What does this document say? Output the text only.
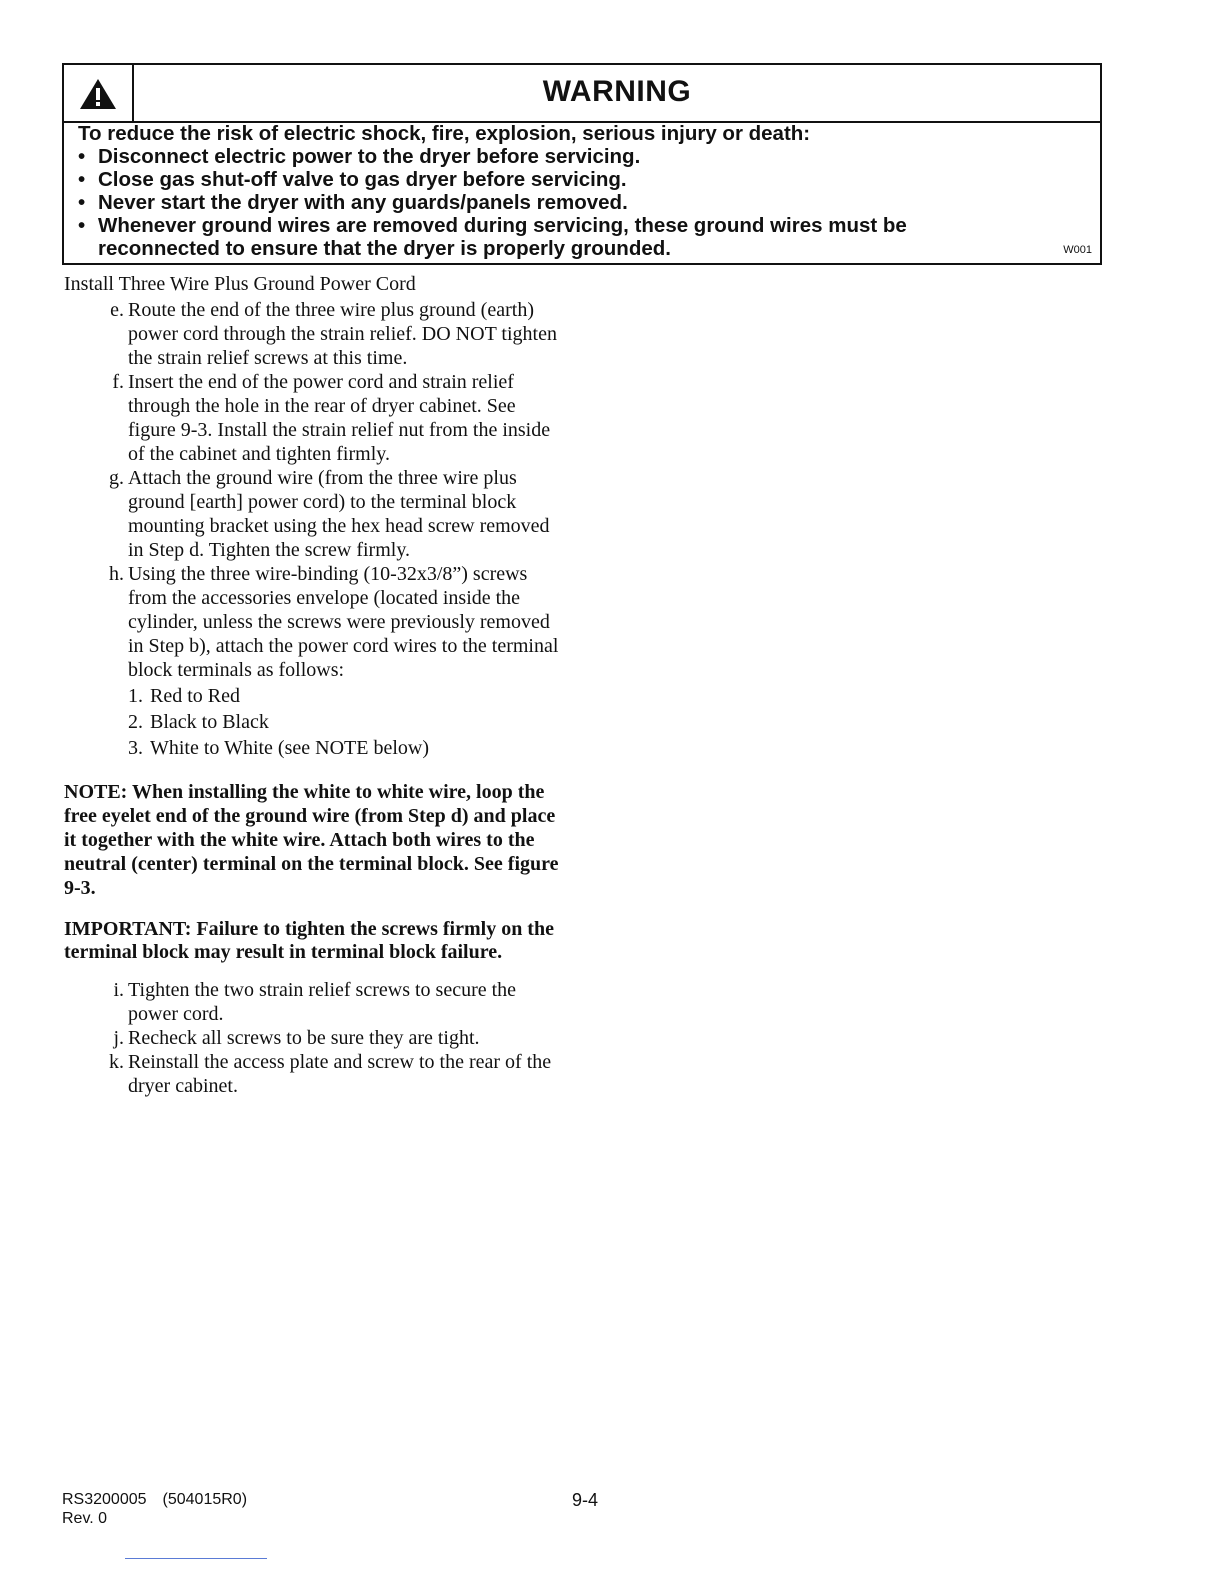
WARNING
To reduce the risk of electric shock, fire, explosion, serious injury or death:
• Disconnect electric power to the dryer before servicing.
• Close gas shut-off valve to gas dryer before servicing.
• Never start the dryer with any guards/panels removed.
• Whenever ground wires are removed during servicing, these ground wires must be reconnected to ensure that the dryer is properly grounded.	W001
Install Three Wire Plus Ground Power Cord
e. Route the end of the three wire plus ground (earth) power cord through the strain relief. DO NOT tighten the strain relief screws at this time.
f. Insert the end of the power cord and strain relief through the hole in the rear of dryer cabinet. See figure 9-3. Install the strain relief nut from the inside of the cabinet and tighten firmly.
g. Attach the ground wire (from the three wire plus ground [earth] power cord) to the terminal block mounting bracket using the hex head screw removed in Step d. Tighten the screw firmly.
h. Using the three wire-binding (10-32x3/8”) screws from the accessories envelope (located inside the cylinder, unless the screws were previously removed in Step b), attach the power cord wires to the terminal block terminals as follows:
1. Red to Red
2. Black to Black
3. White to White (see NOTE below)

NOTE: When installing the white to white wire, loop the free eyelet end of the ground wire (from Step d) and place it together with the white wire. Attach both wires to the neutral (center) terminal on the terminal block. See figure 9-3.

IMPORTANT: Failure to tighten the screws firmly on the terminal block may result in terminal block failure.

i. Tighten the two strain relief screws to secure the power cord.
j. Recheck all screws to be sure they are tight.
k. Reinstall the access plate and screw to the rear of the dryer cabinet.
RS3200005 (504015R0)
Rev. 0
9-4
